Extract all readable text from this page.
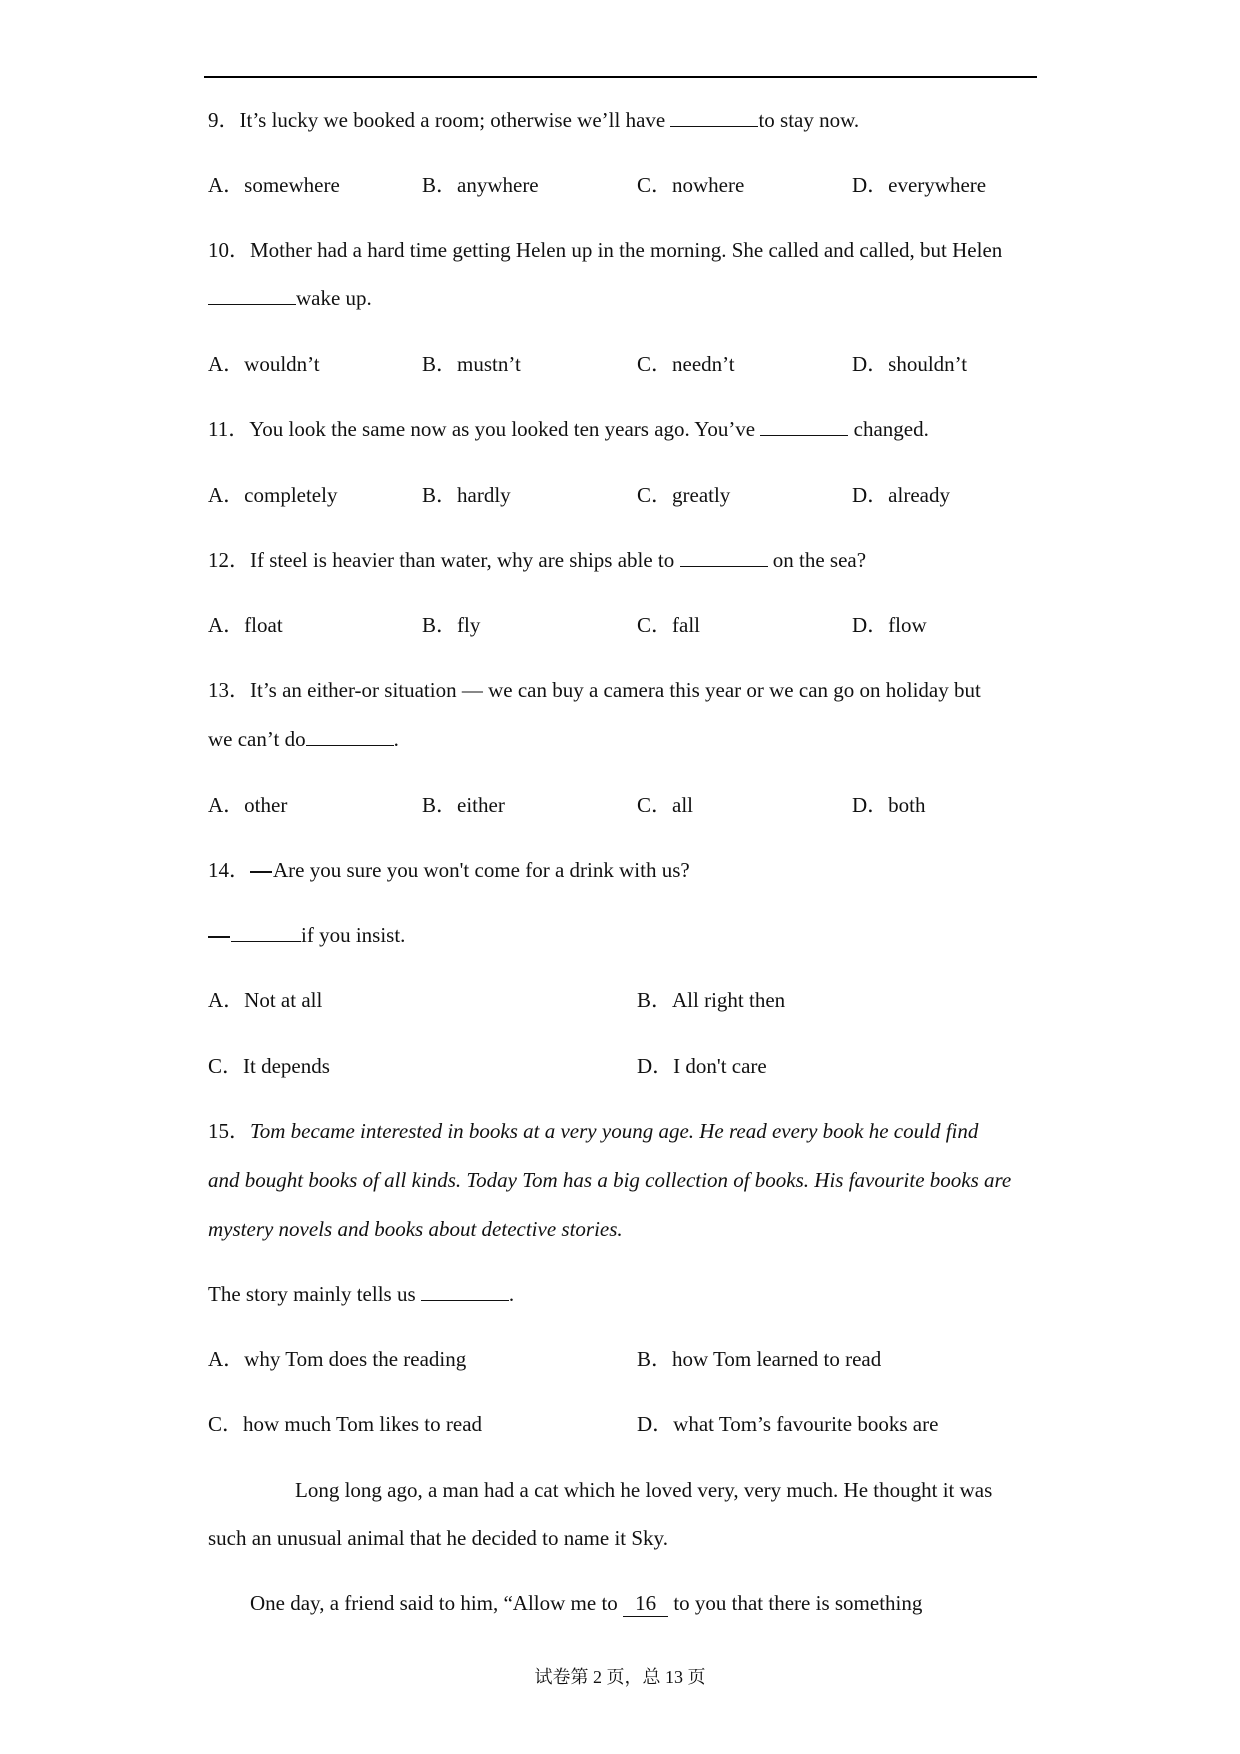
9．It’s lucky we booked a room; otherwise we’ll have	to stay now.
A．somewhere	B．anywhere	C．nowhere	D．everywhere
10．Mother had a hard time getting Helen up in the morning. She called and called, but Helen
wake up.
A．wouldn’t	B．mustn’t	C．needn’t	D．shouldn’t
11．You look the same now as you looked ten years ago. You’ve	changed.
A．completely	B．hardly	C．greatly	D．already
12．If steel is heavier than water, why are ships able to	on the sea?
A．float	B．fly	C．fall	D．flow
13．It’s an either-or situation — we can buy a camera this year or we can go on holiday but
we can’t do	.
A．other	B．either	C．all	D．both
14． Are you sure you won't come for a drink with us?
if you insist.
A．Not at all	B．All right then
C．It depends	D．I don't care
15．Tom became interested in books at a very young age. He read every book he could find
and bought books of all kinds. Today Tom has a big collection of books. His favourite books are
mystery novels and books about detective stories.
The story mainly tells us	.
A．why Tom does the reading	B．how Tom learned to read
C．how much Tom likes to read	D．what Tom’s favourite books are
Long long ago, a man had a cat which he loved very, very much. He thought it was
such an unusual animal that he decided to name it Sky.
One day, a friend said to him, “Allow me to 16 to you that there is something
试卷第 2 页，总 13 页
